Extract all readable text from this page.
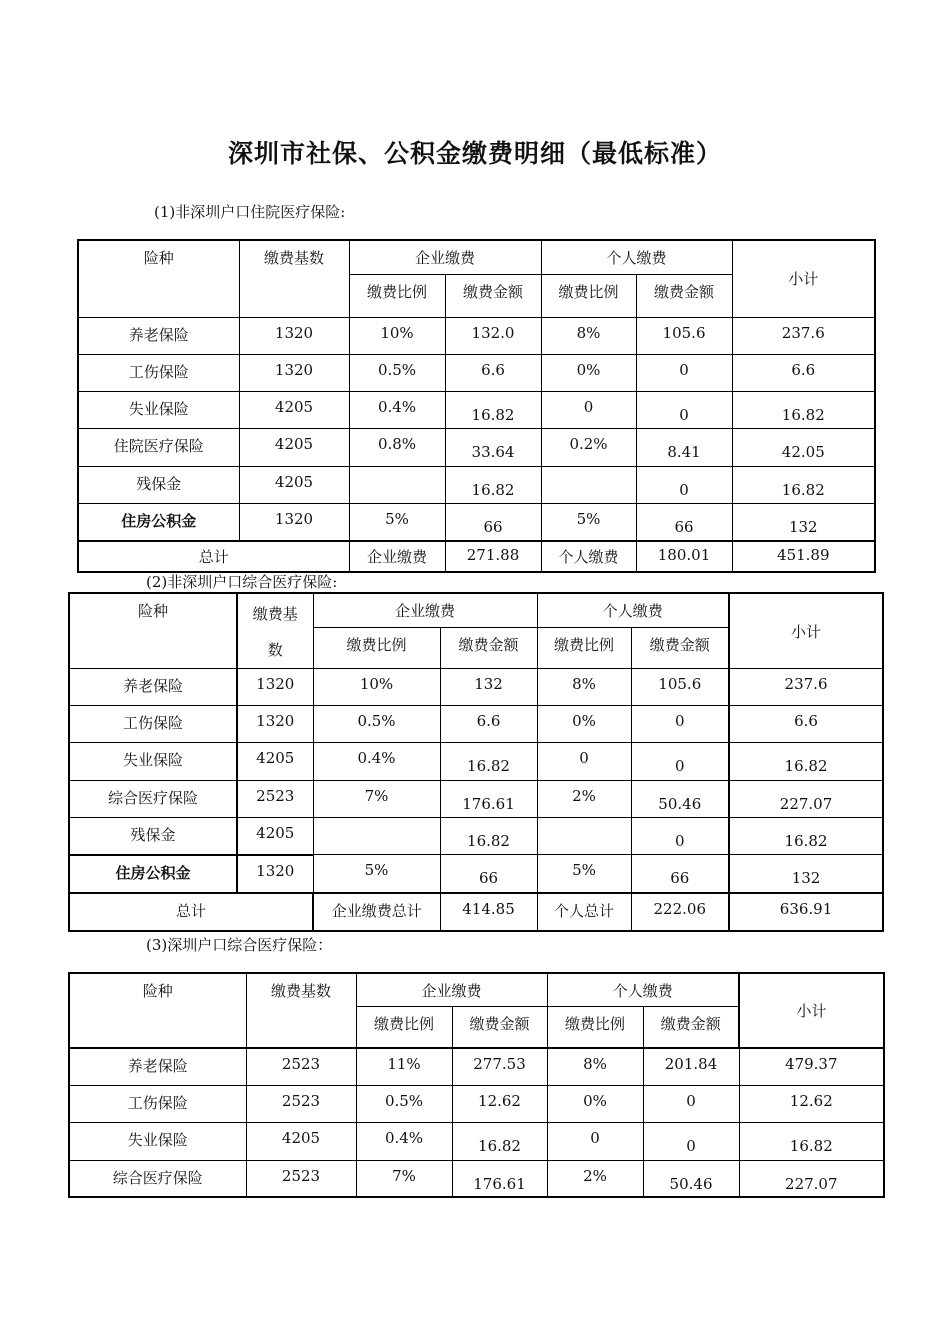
深圳市社保、公积金缴费明细（最低标准）
(1)非深圳户口住院医疗保险:
险种	缴费基数	企业缴费		个人缴费		小计
		缴费比例	缴费金额	缴费比例	缴费金额	
养老保险	1320	10%	132.0	8%	105.6	237.6
工伤保险	1320	0.5%	6.6	0%	0	6.6
失业保险	4205	0.4%	16.82	0	0	16.82
住院医疗保险	4205	0.8%	33.64	0.2%	8.41	42.05
残保金	4205		16.82		0	16.82
住房公积金	1320	5%	66	5%	66	132
总计		企业缴费	271.88	个人缴费	180.01	451.89
(2)非深圳户口综合医疗保险:
险种	缴费基
数	企业缴费		个人缴费		小计
		缴费比例	缴费金额	缴费比例	缴费金额	
养老保险	1320	10%	132	8%	105.6	237.6
工伤保险	1320	0.5%	6.6	0%	0	6.6
失业保险	4205	0.4%	16.82	0	0	16.82
综合医疗保险	2523	7%	176.61	2%	50.46	227.07
残保金	4205		16.82		0	16.82
住房公积金	1320	5%	66	5%	66	132
总计		企业缴费总计	414.85	个人总计	222.06	636.91
(3)深圳户口综合医疗保险：
险种	缴费基数	企业缴费		个人缴费		小计
		缴费比例	缴费金额	缴费比例	缴费金额	
养老保险	2523	11%	277.53	8%	201.84	479.37
工伤保险	2523	0.5%	12.62	0%	0	12.62
失业保险	4205	0.4%	16.82	0	0	16.82
综合医疗保险	2523	7%	176.61	2%	50.46	227.07
